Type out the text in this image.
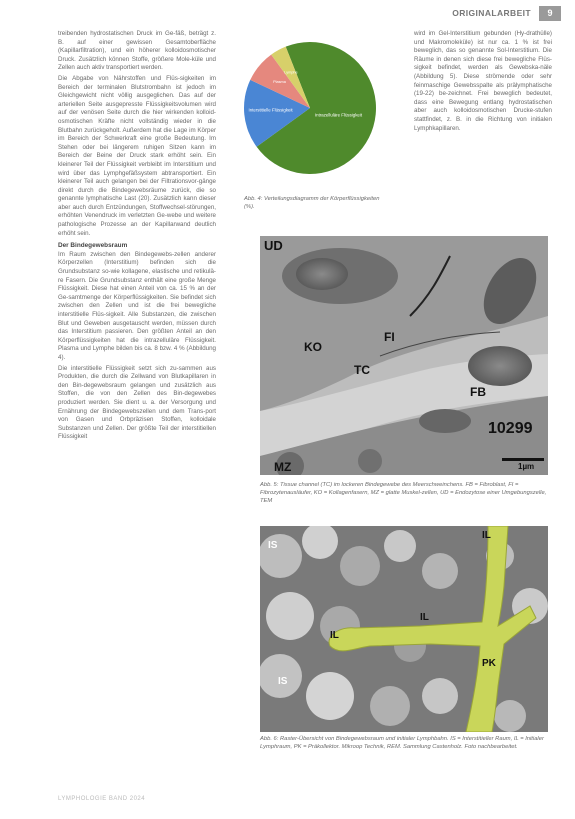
ORIGINALARBEIT	9

treibenden hydrostatischen Druck im Ge-fäß, beträgt z. B. auf einer gewissen Gesamtoberfläche (Kapillarfiltration), und ein höherer kolloidosmotischer Druck. Zusätzlich können Stoffe, größere Mole-küle und Zellen auch aktiv transportiert werden.

Die Abgabe von Nährstoffen und Flüs-sigkeiten im Bereich der terminalen Blutstrombahn ist jedoch im Gleichgewicht nicht völlig ausgeglichen. Das auf der arteriellen Seite ausgepresste Flüssigkeitsvolumen wird auf der venösen Seite durch die hier wirkenden kolloid-osmotischen Kräfte nicht vollständig wieder in die Blutbahn zurückgeholt. Außerdem hat die Lage im Körper im Bereich der Schwerkraft eine große Bedeutung. Im Stehen oder bei längerem ruhigen Sitzen kann im Bereich der Beine der Druck stark erhöht sein. Ein kleinerer Teil der Flüssigkeit verbleibt im Interstitium und wird über das Lymphgefäßsystem abtransportiert. Ein kleinerer Teil auch gelangen bei der Filtrationsvor-gänge direkt durch die Bindegewebsräume zurück, die so genannte lymphatische Last (20). Zusätzlich kann dieser aber auch durch Entzündungen, Stoffwechsel-störungen, erhöhten Venendruck im verletzten Ge-webe und weitere pathologische Prozesse an der Kapillarwand deutlich erhöht sein.

Der Bindegewebsraum

Im Raum zwischen den Bindegewebs-zellen anderer Körperzellen (Interstitium) befinden sich die Grundsubstanz so-wie kollagene, elastische und retikulä-re Fasern. Die Grundsubstanz enthält eine große Menge Flüssigkeit. Diese hat einen Anteil von ca. 15 % an der Ge-samtmenge der Körperflüssigkeiten. Sie befindet sich zwischen den Zellen und ist die frei bewegliche interstitielle Flüs-sigkeit. Alle Substanzen, die zwischen Blut und Geweben ausgetauscht werden, müssen durch das Interstitium passieren. Den größten Anteil an den Körperflüssigkeiten hat die intrazelluläre Flüssigkeit. Plasma und Lymphe bilden bis ca. 8 bzw. 4 % (Abbildung 4).

Die interstitielle Flüssigkeit setzt sich zu-sammen aus Produkten, die durch die Zellwand von Blutkapillaren in den Bin-degewebsraum gelangen und zusätzlich aus Stoffen, die von den Zellen des Bin-degewebes produziert werden. Sie dient u. a. der Versorgung und Ernährung der Bindegewebszellen und dem Trans-port von Gasen und Orbpräzisen Stoffen, kolloidale Substanzen und Zellen. Der größte Teil der interstitiellen Flüssigkeit

wird im Gel-Interstitium gebunden (Hy-drathülle) und Makromoleküle) ist nur ca. 1 % ist frei beweglich, das so genannte Sol-Interstitium. Die Räume in denen sich diese frei bewegliche Flüs-sigkeit befindet, werden als Gewebska-näle (Abbildung 5). Diese strömende oder sehr feinmaschige Gewebsspalte als prälymphatische (19-22) be-zeichnet. Frei beweglich bedeutet, dass eine Bewegung entlang hydrostatischen aber auch kolloidosmotischen Drucke-stufen stattfindet, z. B. in die Richtung von initialen Lymphkapillaren.

Intrazelluläre Flüssigkeit
Interstitielle Flüssigkeit
Plasma
Lymphe
Abb. 4: Verteilungsdiagramm der Körperflüssigkeiten (%).
UD
FI
KO
TC
FB
MZ
10299
1µm
Abb. 5: Tissue channel (TC) im lockeren Bindegewebe des Meerschweinchens. FB = Fibroblast, FI = Fibrozytenausläufer, KO = Kollagenfasern, MZ = glatte Muskel-zellen, UD = Endozytose einer Umgebungszelle, TEM
IS
IS
IL
IL
IL
PK
Abb. 6: Raster-Übersicht von Bindegewebsraum und initialer Lymphbahn. IS = Interstitieller Raum, IL = Initialer Lymphraum, PK = Präkollektor. Mikroop Technik, REM. Sammlung Castenholz. Foto nachbearbeitet.
LYMPHOLOGIE BAND 2024
